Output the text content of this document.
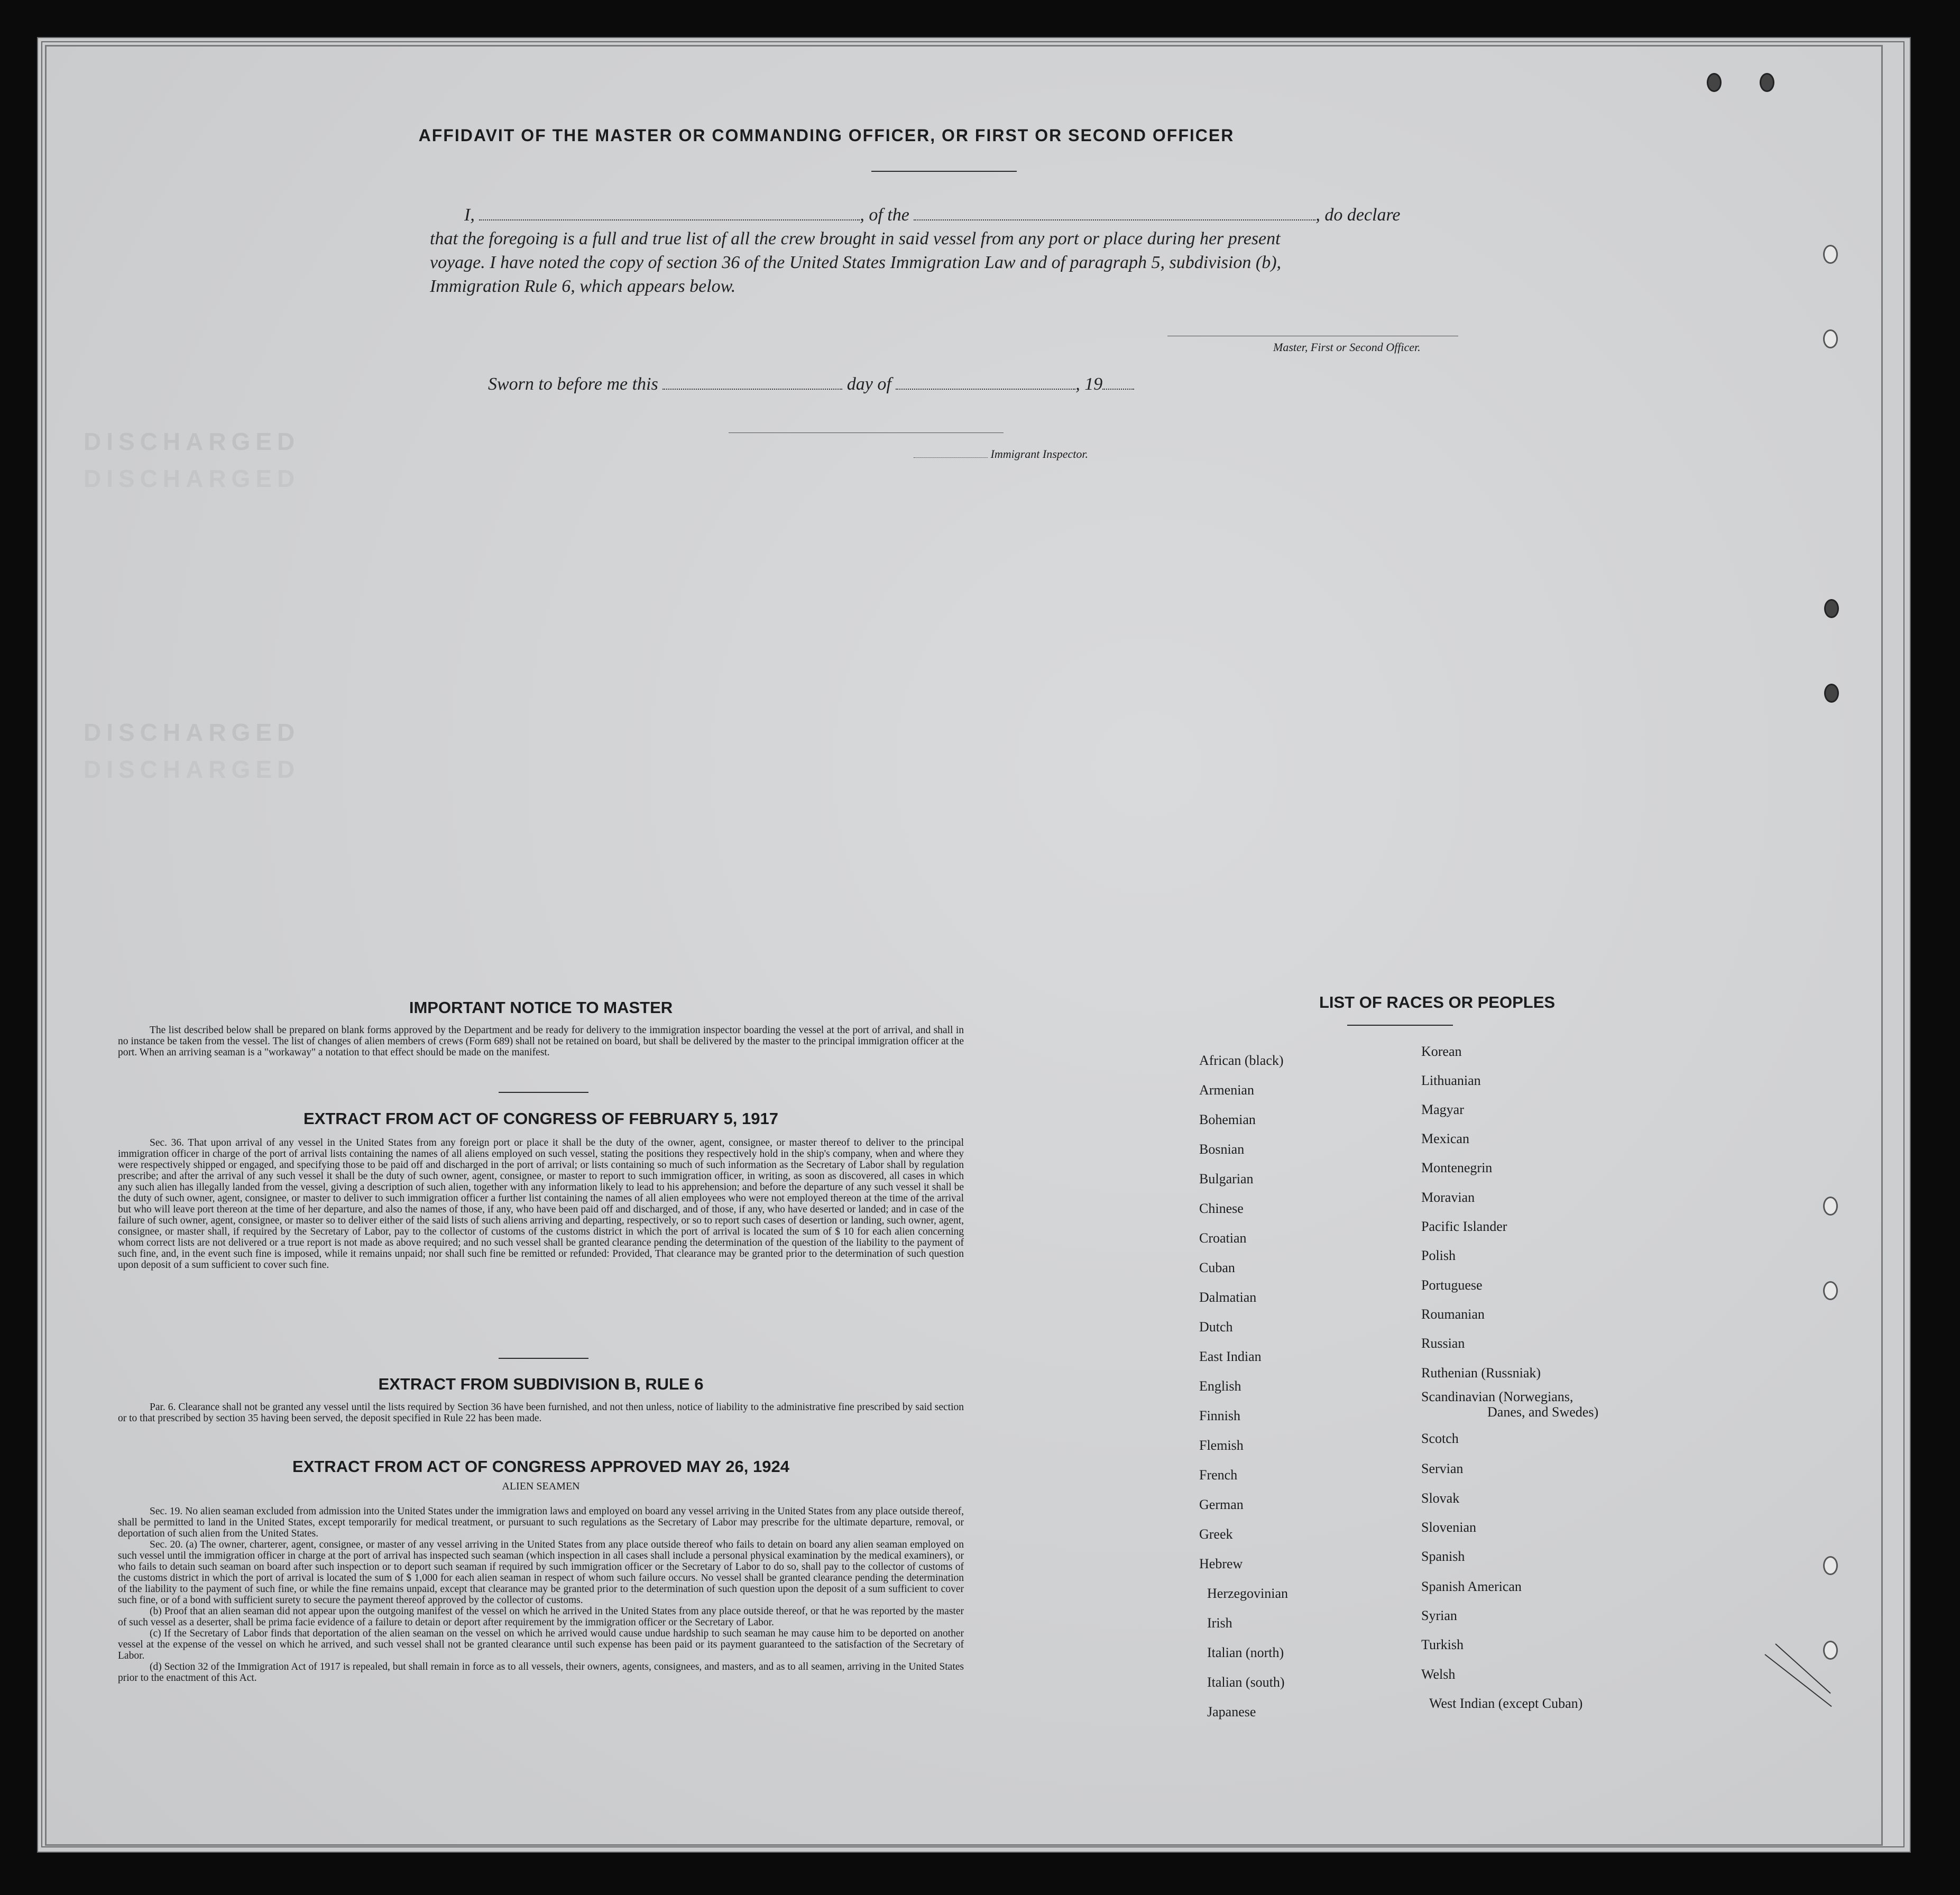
DISCHARGED
DISCHARGED
DISCHARGED
DISCHARGED
AFFIDAVIT OF THE MASTER OR COMMANDING OFFICER, OR FIRST OR SECOND OFFICER
I,	, of the	, do declare
that the foregoing is a full and true list of all the crew brought in said vessel from any port or place during her present
voyage. I have noted the copy of section 36 of the United States Immigration Law and of paragraph 5, subdivision (b),
Immigration Rule 6, which appears below.
Master, First or Second Officer.
Sworn to before me this	day of	, 19
Immigrant Inspector.
IMPORTANT NOTICE TO MASTER

The list described below shall be prepared on blank forms approved by the Department and be ready for delivery to the immigration inspector boarding the vessel at the port of arrival, and shall in no instance be taken from the vessel. The list of changes of alien members of crews (Form 689) shall not be retained on board, but shall be delivered by the master to the principal immigration officer at the port. When an arriving seaman is a "workaway" a notation to that effect should be made on the manifest.

EXTRACT FROM ACT OF CONGRESS OF FEBRUARY 5, 1917

Sec. 36. That upon arrival of any vessel in the United States from any foreign port or place it shall be the duty of the owner, agent, consignee, or master thereof to deliver to the principal immigration officer in charge of the port of arrival lists containing the names of all aliens employed on such vessel, stating the positions they respectively hold in the ship's company, when and where they were respectively shipped or engaged, and specifying those to be paid off and discharged in the port of arrival; or lists containing so much of such information as the Secretary of Labor shall by regulation prescribe; and after the arrival of any such vessel it shall be the duty of such owner, agent, consignee, or master to report to such immigration officer, in writing, as soon as discovered, all cases in which any such alien has illegally landed from the vessel, giving a description of such alien, together with any information likely to lead to his apprehension; and before the departure of any such vessel it shall be the duty of such owner, agent, consignee, or master to deliver to such immigration officer a further list containing the names of all alien employees who were not employed thereon at the time of the arrival but who will leave port thereon at the time of her departure, and also the names of those, if any, who have been paid off and discharged, and of those, if any, who have deserted or landed; and in case of the failure of such owner, agent, consignee, or master so to deliver either of the said lists of such aliens arriving and departing, respectively, or so to report such cases of desertion or landing, such owner, agent, consignee, or master shall, if required by the Secretary of Labor, pay to the collector of customs of the customs district in which the port of arrival is located the sum of $ 10 for each alien concerning whom correct lists are not delivered or a true report is not made as above required; and no such vessel shall be granted clearance pending the determination of the question of the liability to the payment of such fine, and, in the event such fine is imposed, while it remains unpaid; nor shall such fine be remitted or refunded: Provided, That clearance may be granted prior to the determination of such question upon deposit of a sum sufficient to cover such fine.

EXTRACT FROM SUBDIVISION B, RULE 6

Par. 6. Clearance shall not be granted any vessel until the lists required by Section 36 have been furnished, and not then unless, notice of liability to the administrative fine prescribed by said section or to that prescribed by section 35 having been served, the deposit specified in Rule 22 has been made.

EXTRACT FROM ACT OF CONGRESS APPROVED MAY 26, 1924
ALIEN SEAMEN

Sec. 19. No alien seaman excluded from admission into the United States under the immigration laws and employed on board any vessel arriving in the United States from any place outside thereof, shall be permitted to land in the United States, except temporarily for medical treatment, or pursuant to such regulations as the Secretary of Labor may prescribe for the ultimate departure, removal, or deportation of such alien from the United States.

Sec. 20. (a) The owner, charterer, agent, consignee, or master of any vessel arriving in the United States from any place outside thereof who fails to detain on board any alien seaman employed on such vessel until the immigration officer in charge at the port of arrival has inspected such seaman (which inspection in all cases shall include a personal physical examination by the medical examiners), or who fails to detain such seaman on board after such inspection or to deport such seaman if required by such immigration officer or the Secretary of Labor to do so, shall pay to the collector of customs of the customs district in which the port of arrival is located the sum of $ 1,000 for each alien seaman in respect of whom such failure occurs. No vessel shall be granted clearance pending the determination of the liability to the payment of such fine, or while the fine remains unpaid, except that clearance may be granted prior to the determination of such question upon the deposit of a sum sufficient to cover such fine, or of a bond with sufficient surety to secure the payment thereof approved by the collector of customs.

(b) Proof that an alien seaman did not appear upon the outgoing manifest of the vessel on which he arrived in the United States from any place outside thereof, or that he was reported by the master of such vessel as a deserter, shall be prima facie evidence of a failure to detain or deport after requirement by the immigration officer or the Secretary of Labor.

(c) If the Secretary of Labor finds that deportation of the alien seaman on the vessel on which he arrived would cause undue hardship to such seaman he may cause him to be deported on another vessel at the expense of the vessel on which he arrived, and such vessel shall not be granted clearance until such expense has been paid or its payment guaranteed to the satisfaction of the Secretary of Labor.

(d) Section 32 of the Immigration Act of 1917 is repealed, but shall remain in force as to all vessels, their owners, agents, consignees, and masters, and as to all seamen, arriving in the United States prior to the enactment of this Act.

LIST OF RACES OR PEOPLES
African (black)
Armenian
Bohemian
Bosnian
Bulgarian
Chinese
Croatian
Cuban
Dalmatian
Dutch
East Indian
English
Finnish
Flemish
French
German
Greek
Hebrew
Herzegovinian
Irish
Italian (north)
Italian (south)
Japanese
Korean
Lithuanian
Magyar
Mexican
Montenegrin
Moravian
Pacific Islander
Polish
Portuguese
Roumanian
Russian
Ruthenian (Russniak)
Scandinavian (Norwegians,
Danes, and Swedes)
Scotch
Servian
Slovak
Slovenian
Spanish
Spanish American
Syrian
Turkish
Welsh
West Indian (except Cuban)
